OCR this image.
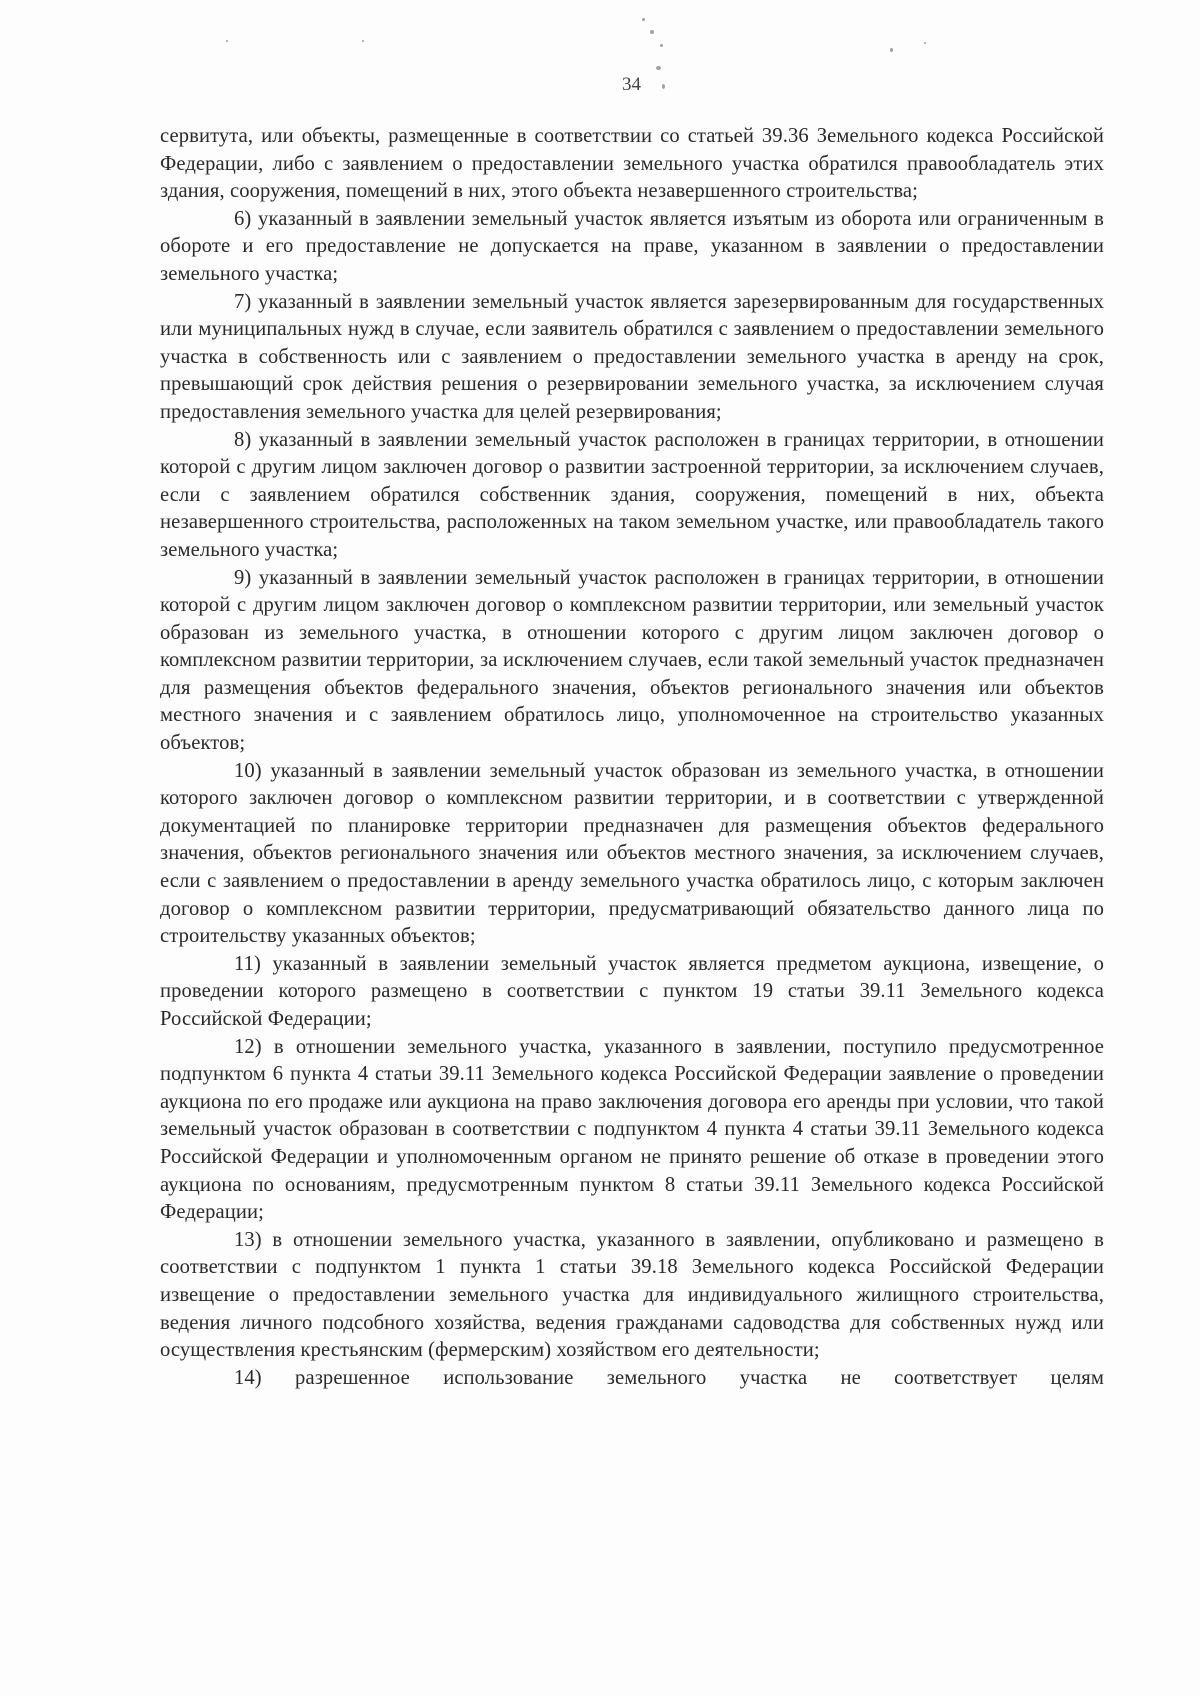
34

сервитута, или объекты, размещенные в соответствии со статьей 39.36 Земельного кодекса Российской Федерации, либо с заявлением о предоставлении земельного участка обратился правообладатель этих здания, сооружения, помещений в них, этого объекта незавершенного строительства;

6) указанный в заявлении земельный участок является изъятым из оборота или ограниченным в обороте и его предоставление не допускается на праве, указанном в заявлении о предоставлении земельного участка;

7) указанный в заявлении земельный участок является зарезервированным для государственных или муниципальных нужд в случае, если заявитель обратился с заявлением о предоставлении земельного участка в собственность или с заявлением о предоставлении земельного участка в аренду на срок, превышающий срок действия решения о резервировании земельного участка, за исключением случая предоставления земельного участка для целей резервирования;

8) указанный в заявлении земельный участок расположен в границах территории, в отношении которой с другим лицом заключен договор о развитии застроенной территории, за исключением случаев, если с заявлением обратился собственник здания, сооружения, помещений в них, объекта незавершенного строительства, расположенных на таком земельном участке, или правообладатель такого земельного участка;

9) указанный в заявлении земельный участок расположен в границах территории, в отношении которой с другим лицом заключен договор о комплексном развитии территории, или земельный участок образован из земельного участка, в отношении которого с другим лицом заключен договор о комплексном развитии территории, за исключением случаев, если такой земельный участок предназначен для размещения объектов федерального значения, объектов регионального значения или объектов местного значения и с заявлением обратилось лицо, уполномоченное на строительство указанных объектов;

10) указанный в заявлении земельный участок образован из земельного участка, в отношении которого заключен договор о комплексном развитии территории, и в соответствии с утвержденной документацией по планировке территории предназначен для размещения объектов федерального значения, объектов регионального значения или объектов местного значения, за исключением случаев, если с заявлением о предоставлении в аренду земельного участка обратилось лицо, с которым заключен договор о комплексном развитии территории, предусматривающий обязательство данного лица по строительству указанных объектов;

11) указанный в заявлении земельный участок является предметом аукциона, извещение, о проведении которого размещено в соответствии с пунктом 19 статьи 39.11 Земельного кодекса Российской Федерации;

12) в отношении земельного участка, указанного в заявлении, поступило предусмотренное подпунктом 6 пункта 4 статьи 39.11 Земельного кодекса Российской Федерации заявление о проведении аукциона по его продаже или аукциона на право заключения договора его аренды при условии, что такой земельный участок образован в соответствии с подпунктом 4 пункта 4 статьи 39.11 Земельного кодекса Российской Федерации и уполномоченным органом не принято решение об отказе в проведении этого аукциона по основаниям, предусмотренным пунктом 8 статьи 39.11 Земельного кодекса Российской Федерации;

13) в отношении земельного участка, указанного в заявлении, опубликовано и размещено в соответствии с подпунктом 1 пункта 1 статьи 39.18 Земельного кодекса Российской Федерации извещение о предоставлении земельного участка для индивидуального жилищного строительства, ведения личного подсобного хозяйства, ведения гражданами садоводства для собственных нужд или осуществления крестьянским (фермерским) хозяйством его деятельности;

14) разрешенное использование земельного участка не соответствует целям
